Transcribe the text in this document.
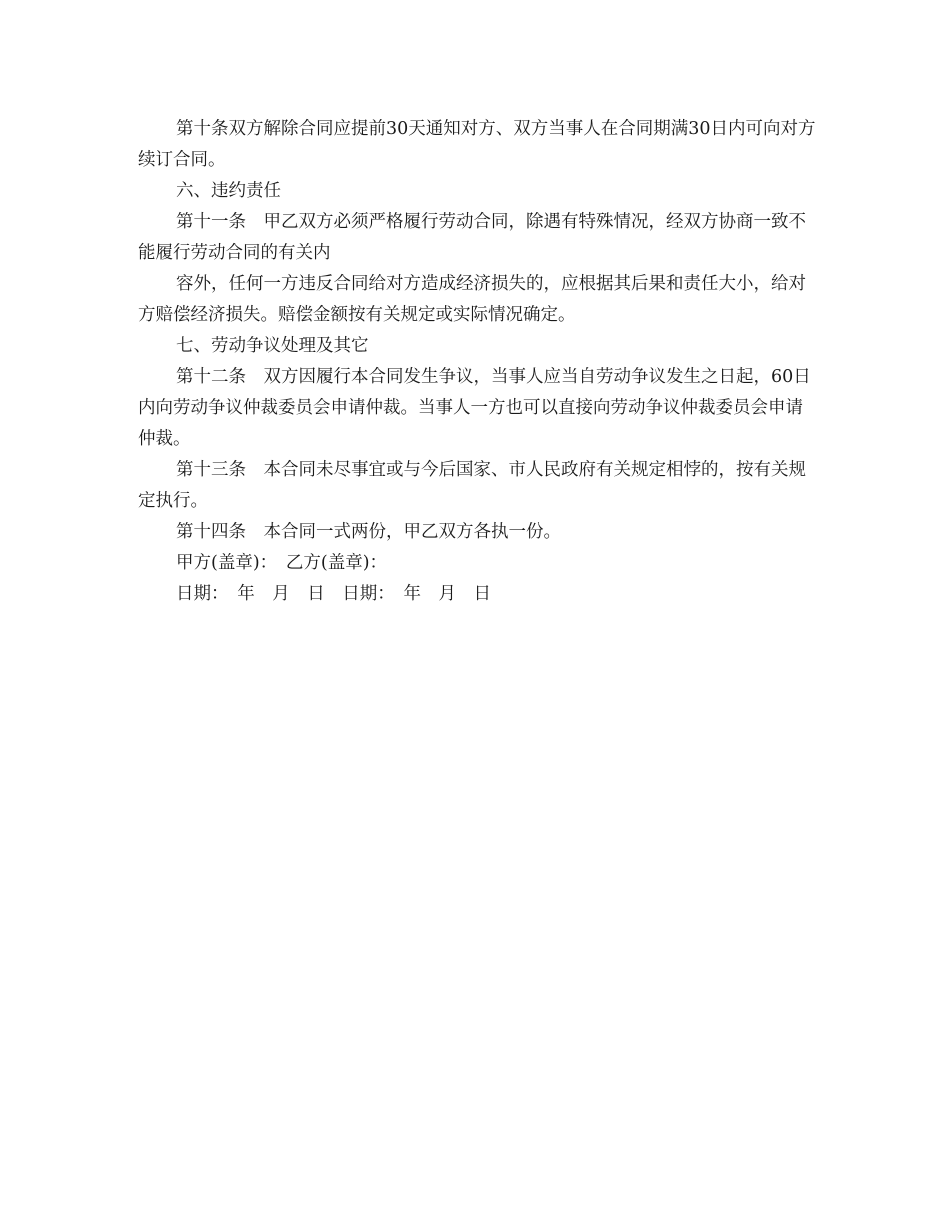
第十条双方解除合同应提前30天通知对方、双方当事人在合同期满30日内可向对方续订合同。

六、违约责任

第十一条　甲乙双方必须严格履行劳动合同，除遇有特殊情况，经双方协商一致不能履行劳动合同的有关内

容外，任何一方违反合同给对方造成经济损失的，应根据其后果和责任大小，给对方赔偿经济损失。赔偿金额按有关规定或实际情况确定。

七、劳动争议处理及其它

第十二条　双方因履行本合同发生争议，当事人应当自劳动争议发生之日起，60日内向劳动争议仲裁委员会申请仲裁。当事人一方也可以直接向劳动争议仲裁委员会申请仲裁。

第十三条　本合同未尽事宜或与今后国家、市人民政府有关规定相悖的，按有关规定执行。

第十四条　本合同一式两份，甲乙双方各执一份。

甲方(盖章)：　乙方(盖章)：

日期：　年　月　日　日期：　年　月　日
